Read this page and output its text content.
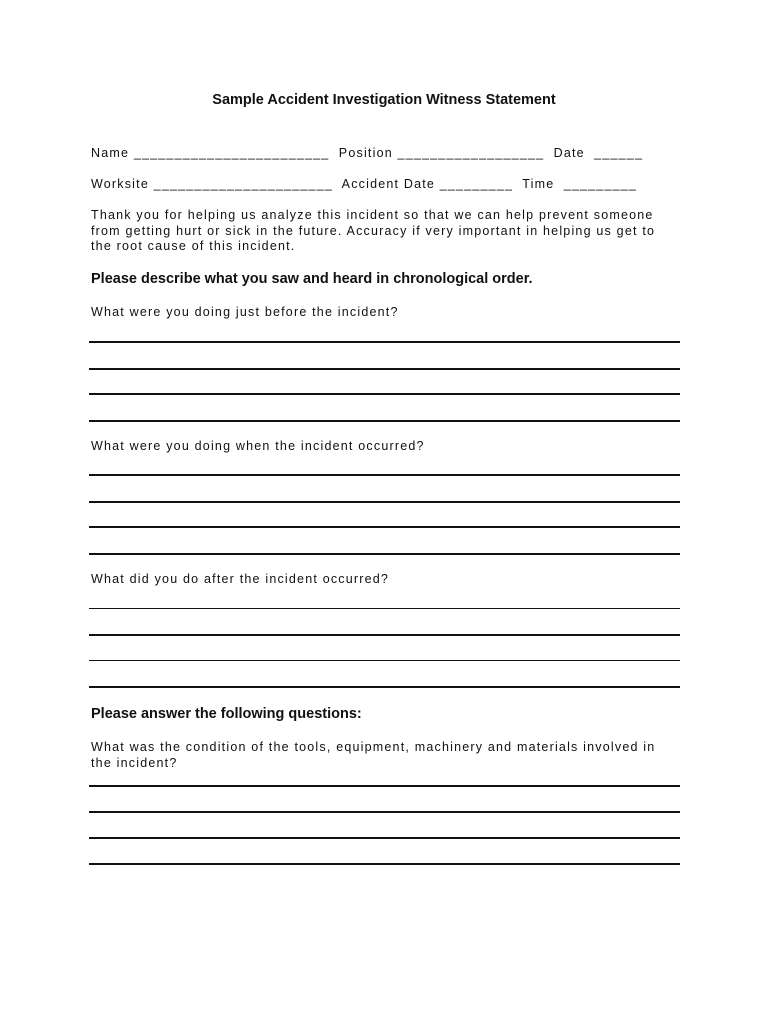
Sample Accident Investigation Witness Statement
Name ________________________  Position __________________  Date  ______
Worksite ______________________  Accident Date _________  Time  _________
Thank you for helping us analyze this incident so that we can help prevent someone from getting hurt or sick in the future. Accuracy if very important in helping us get to the root cause of this incident.
Please describe what you saw and heard in chronological order.
What were you doing just before the incident?
What were you doing when the incident occurred?
What did you do after the incident occurred?
Please answer the following questions:
What was the condition of the tools, equipment, machinery and materials involved in the incident?
